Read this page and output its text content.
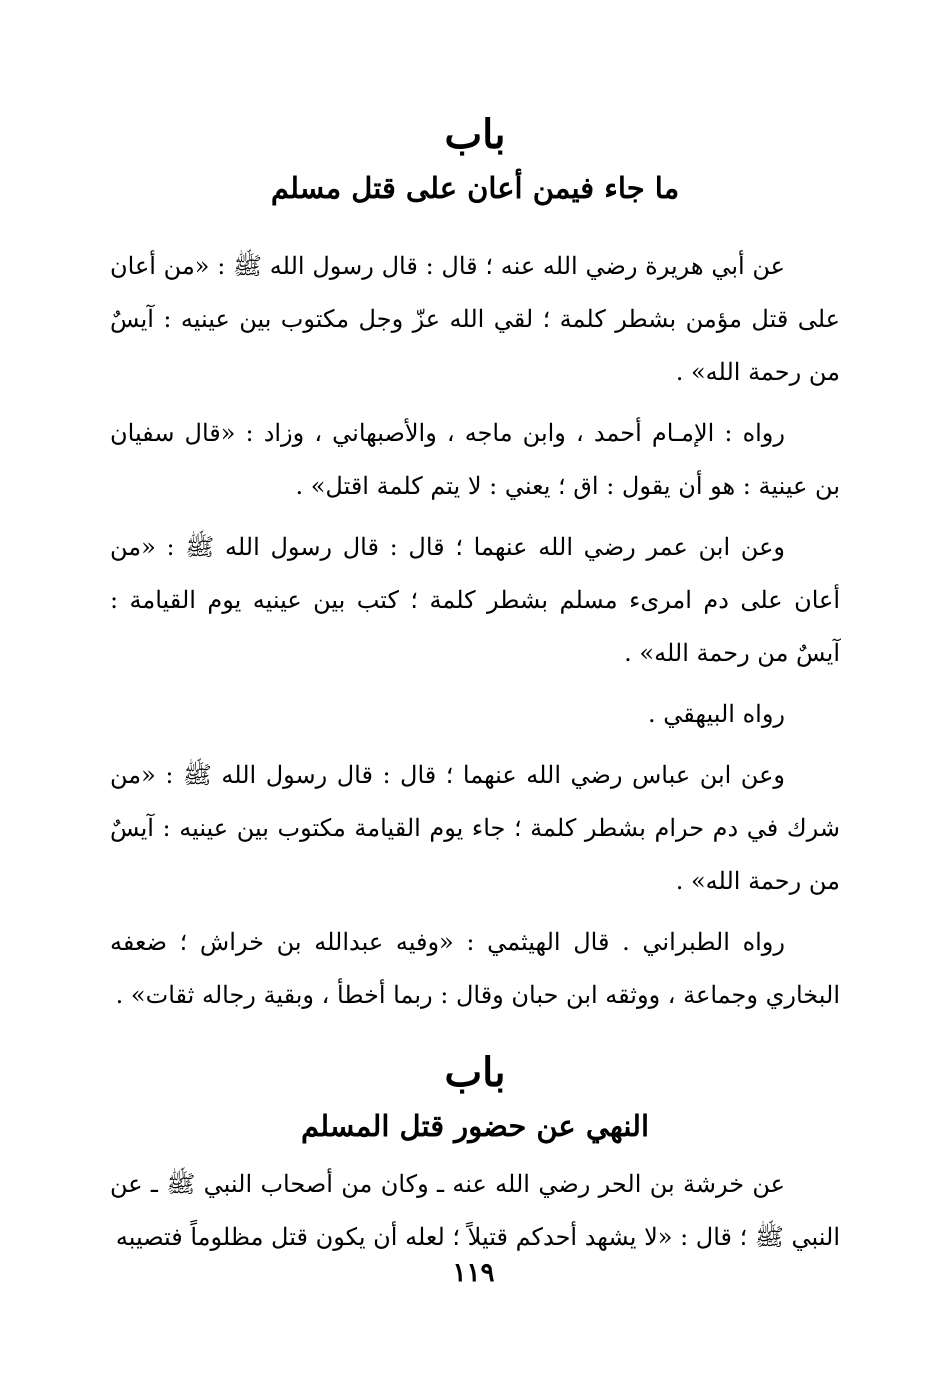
باب
ما جاء فيمن أعان على قتل مسلم

عن أبي هريرة رضي الله عنه ؛ قال : قال رسول الله ﷺ : «من أعان على قتل مؤمن بشطر كلمة ؛ لقي الله عزّ وجل مكتوب بين عينيه : آيسٌ من رحمة الله» .

رواه : الإمـام أحمد ، وابن ماجه ، والأصبهاني ، وزاد : «قال سفيان بن عينية : هو أن يقول : اق ؛ يعني : لا يتم كلمة اقتل» .

وعن ابن عمر رضي الله عنهما ؛ قال : قال رسول الله ﷺ : «من أعان على دم امرىء مسلم بشطر كلمة ؛ كتب بين عينيه يوم القيامة : آيسٌ من رحمة الله» .

رواه البيهقي .

وعن ابن عباس رضي الله عنهما ؛ قال : قال رسول الله ﷺ : «من شرك في دم حرام بشطر كلمة ؛ جاء يوم القيامة مكتوب بين عينيه : آيسٌ من رحمة الله» .

رواه الطبراني . قال الهيثمي : «وفيه عبدالله بن خراش ؛ ضعفه البخاري وجماعة ، ووثقه ابن حبان وقال : ربما أخطأ ، وبقية رجاله ثقات» .

باب
النهي عن حضور قتل المسلم

عن خرشة بن الحر رضي الله عنه ـ وكان من أصحاب النبي ﷺ ـ عن النبي ﷺ ؛ قال : «لا يشهد أحدكم قتيلاً ؛ لعله أن يكون قتل مظلوماً فتصيبه

١١٩
